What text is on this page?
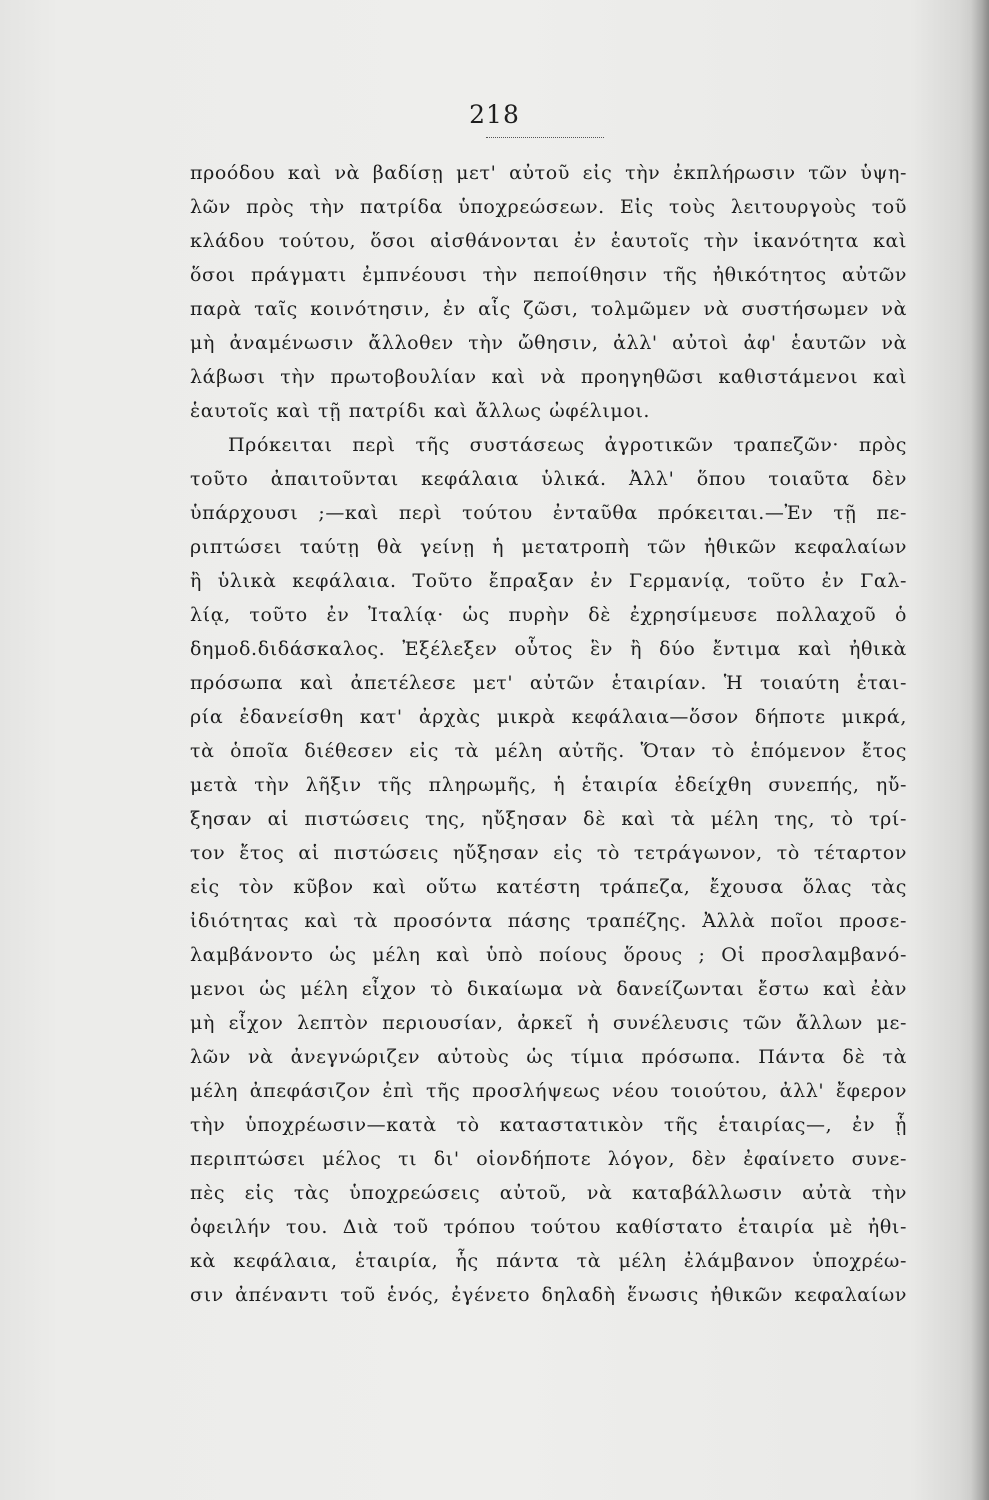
218
προόδου καὶ νὰ βαδίσῃ μετ' αὐτοῦ εἰς τὴν ἐκπλήρωσιν τῶν ὑψη-
λῶν πρὸς τὴν πατρίδα ὑποχρεώσεων. Εἰς τοὺς λειτουργοὺς τοῦ
κλάδου τούτου, ὅσοι αἰσθάνονται ἐν ἑαυτοῖς τὴν ἱκανότητα καὶ
ὅσοι πράγματι ἐμπνέουσι τὴν πεποίθησιν τῆς ἠθικότητος αὐτῶν
παρὰ ταῖς κοινότησιν, ἐν αἷς ζῶσι, τολμῶμεν νὰ συστήσωμεν νὰ
μὴ ἀναμένωσιν ἄλλοθεν τὴν ὤθησιν, ἀλλ' αὐτοὶ ἀφ' ἑαυτῶν νὰ
λάβωσι τὴν πρωτοβουλίαν καὶ νὰ προηγηθῶσι καθιστάμενοι καὶ
ἑαυτοῖς καὶ τῇ πατρίδι καὶ ἄλλως ὠφέλιμοι.
Πρόκειται περὶ τῆς συστάσεως ἀγροτικῶν τραπεζῶν· πρὸς
τοῦτο ἀπαιτοῦνται κεφάλαια ὑλικά. Ἀλλ' ὅπου τοιαῦτα δὲν
ὑπάρχουσι ;—καὶ περὶ τούτου ἐνταῦθα πρόκειται.—Ἐν τῇ πε-
ριπτώσει ταύτῃ θὰ γείνῃ ἡ μετατροπὴ τῶν ἠθικῶν κεφαλαίων
ἢ ὑλικὰ κεφάλαια. Τοῦτο ἔπραξαν ἐν Γερμανίᾳ, τοῦτο ἐν Γαλ-
λίᾳ, τοῦτο ἐν Ἰταλίᾳ· ὡς πυρὴν δὲ ἐχρησίμευσε πολλαχοῦ ὁ
δημοδ.διδάσκαλος. Ἐξέλεξεν οὗτος ἓν ἢ δύο ἔντιμα καὶ ἠθικὰ
πρόσωπα καὶ ἀπετέλεσε μετ' αὐτῶν ἑταιρίαν. Ἡ τοιαύτη ἑται-
ρία ἐδανείσθη κατ' ἀρχὰς μικρὰ κεφάλαια—ὅσον δήποτε μικρά,
τὰ ὁποῖα διέθεσεν εἰς τὰ μέλη αὐτῆς. Ὅταν τὸ ἑπόμενον ἔτος
μετὰ τὴν λῆξιν τῆς πληρωμῆς, ἡ ἑταιρία ἐδείχθη συνεπής, ηὔ-
ξησαν αἱ πιστώσεις της, ηὔξησαν δὲ καὶ τὰ μέλη της, τὸ τρί-
τον ἔτος αἱ πιστώσεις ηὔξησαν εἰς τὸ τετράγωνον, τὸ τέταρτον
εἰς τὸν κῦβον καὶ οὕτω κατέστη τράπεζα, ἔχουσα ὅλας τὰς
ἰδιότητας καὶ τὰ προσόντα πάσης τραπέζης. Ἀλλὰ ποῖοι προσε-
λαμβάνοντο ὡς μέλη καὶ ὑπὸ ποίους ὅρους ; Οἱ προσλαμβανό-
μενοι ὡς μέλη εἶχον τὸ δικαίωμα νὰ δανείζωνται ἔστω καὶ ἐὰν
μὴ εἶχον λεπτὸν περιουσίαν, ἀρκεῖ ἡ συνέλευσις τῶν ἄλλων με-
λῶν νὰ ἀνεγνώριζεν αὐτοὺς ὡς τίμια πρόσωπα. Πάντα δὲ τὰ
μέλη ἀπεφάσιζον ἐπὶ τῆς προσλήψεως νέου τοιούτου, ἀλλ' ἔφερον
τὴν ὑποχρέωσιν—κατὰ τὸ καταστατικὸν τῆς ἑταιρίας—, ἐν ᾗ
περιπτώσει μέλος τι δι' οἱονδήποτε λόγον, δὲν ἐφαίνετο συνε-
πὲς εἰς τὰς ὑποχρεώσεις αὐτοῦ, νὰ καταβάλλωσιν αὐτὰ τὴν
ὀφειλήν του. Διὰ τοῦ τρόπου τούτου καθίστατο ἑταιρία μὲ ἠθι-
κὰ κεφάλαια, ἑταιρία, ἧς πάντα τὰ μέλη ἐλάμβανον ὑποχρέω-
σιν ἀπέναντι τοῦ ἑνός, ἐγένετο δηλαδὴ ἕνωσις ἠθικῶν κεφαλαίων
